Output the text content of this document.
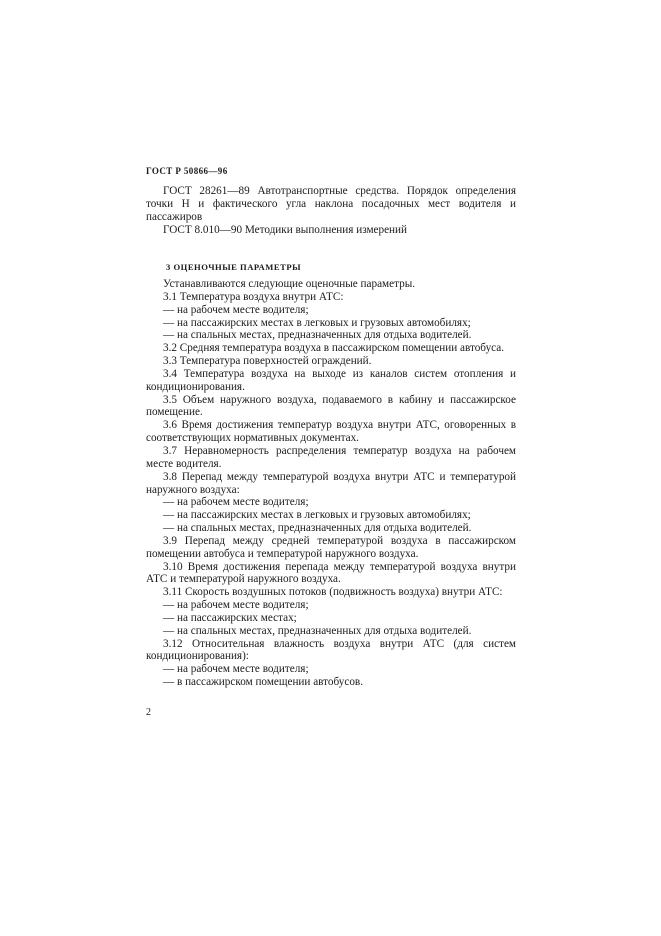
ГОСТ Р 50866—96

ГОСТ 28261—89 Автотранспортные средства. Порядок определения точки Н и фактического угла наклона посадочных мест водителя и пассажиров

ГОСТ 8.010—90 Методики выполнения измерений

3 ОЦЕНОЧНЫЕ ПАРАМЕТРЫ

Устанавливаются следующие оценочные параметры.

3.1 Температура воздуха внутри АТС:

— на рабочем месте водителя;

— на пассажирских местах в легковых и грузовых автомобилях;

— на спальных местах, предназначенных для отдыха водителей.

3.2 Средняя температура воздуха в пассажирском помещении автобуса.

3.3 Температура поверхностей ограждений.

3.4 Температура воздуха на выходе из каналов систем отопления и кондиционирования.

3.5 Объем наружного воздуха, подаваемого в кабину и пассажирское помещение.

3.6 Время достижения температур воздуха внутри АТС, оговоренных в соответствующих нормативных документах.

3.7 Неравномерность распределения температур воздуха на рабочем месте водителя.

3.8 Перепад между температурой воздуха внутри АТС и температурой наружного воздуха:

— на рабочем месте водителя;

— на пассажирских местах в легковых и грузовых автомобилях;

— на спальных местах, предназначенных для отдыха водителей.

3.9 Перепад между средней температурой воздуха в пассажирском помещении автобуса и температурой наружного воздуха.

3.10 Время достижения перепада между температурой воздуха внутри АТС и температурой наружного воздуха.

3.11 Скорость воздушных потоков (подвижность воздуха) внутри АТС:

— на рабочем месте водителя;

— на пассажирских местах;

— на спальных местах, предназначенных для отдыха водителей.

3.12 Относительная влажность воздуха внутри АТС (для систем кондиционирования):

— на рабочем месте водителя;

— в пассажирском помещении автобусов.

2
